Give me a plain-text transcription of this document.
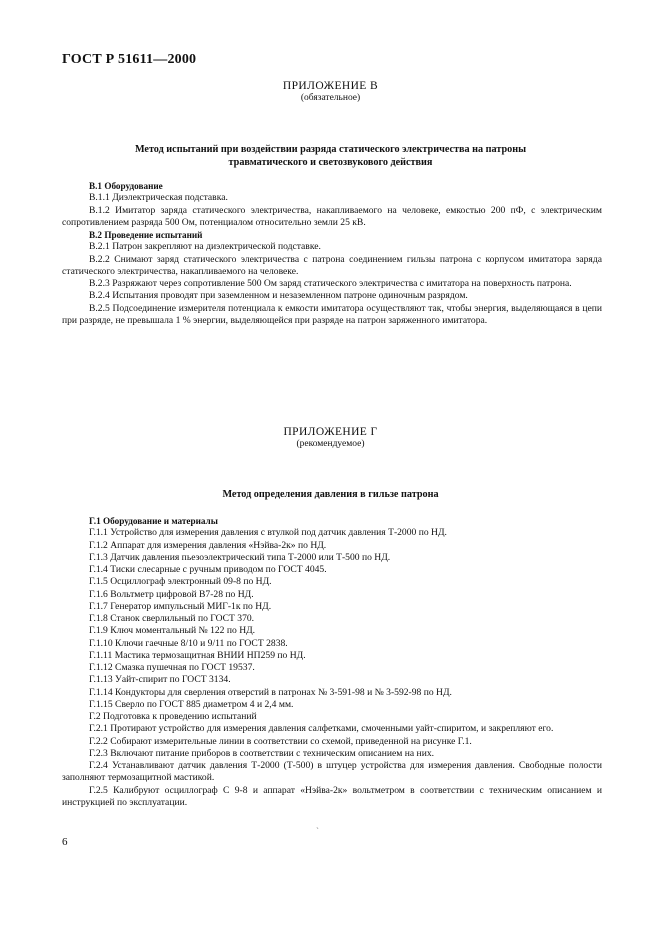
ГОСТ Р 51611—2000
ПРИЛОЖЕНИЕ В
(обязательное)
Метод испытаний при воздействии разряда статического электричества на патроны
травматического и светозвукового действия

В.1 Оборудование

В.1.1 Диэлектрическая подставка.

В.1.2 Имитатор заряда статического электричества, накапливаемого на человеке, емкостью 200 пФ, с электрическим сопротивлением разряда 500 Ом, потенциалом относительно земли 25 кВ.

В.2 Проведение испытаний

В.2.1 Патрон закрепляют на диэлектрической подставке.

В.2.2 Снимают заряд статического электричества с патрона соединением гильзы патрона с корпусом имитатора заряда статического электричества, накапливаемого на человеке.

В.2.3 Разряжают через сопротивление 500 Ом заряд статического электричества с имитатора на поверхность патрона.

В.2.4 Испытания проводят при заземленном и незаземленном патроне одиночным разрядом.

В.2.5 Подсоединение измерителя потенциала к емкости имитатора осуществляют так, чтобы энергия, выделяющаяся в цепи при разряде, не превышала 1 % энергии, выделяющейся при разряде на патрон заряженного имитатора.

ПРИЛОЖЕНИЕ Г
(рекомендуемое)
Метод определения давления в гильзе патрона

Г.1 Оборудование и материалы

Г.1.1 Устройство для измерения давления с втулкой под датчик давления Т-2000 по НД.

Г.1.2 Аппарат для измерения давления «Нэйва-2к» по НД.

Г.1.3 Датчик давления пьезоэлектрический типа Т-2000 или Т-500 по НД.

Г.1.4 Тиски слесарные с ручным приводом по ГОСТ 4045.

Г.1.5 Осциллограф электронный 09-8 по НД.

Г.1.6 Вольтметр цифровой В7-28 по НД.

Г.1.7 Генератор импульсный МИГ-1к по НД.

Г.1.8 Станок сверлильный по ГОСТ 370.

Г.1.9 Ключ моментальный № 122 по НД.

Г.1.10 Ключи гаечные 8/10 и 9/11 по ГОСТ 2838.

Г.1.11 Мастика термозащитная ВНИИ НП259 по НД.

Г.1.12 Смазка пушечная по ГОСТ 19537.

Г.1.13 Уайт-спирит по ГОСТ 3134.

Г.1.14 Кондукторы для сверления отверстий в патронах № 3-591-98 и № 3-592-98 по НД.

Г.1.15 Сверло по ГОСТ 885 диаметром 4 и 2,4 мм.

Г.2 Подготовка к проведению испытаний

Г.2.1 Протирают устройство для измерения давления салфетками, смоченными уайт-спиритом, и закрепляют его.

Г.2.2 Собирают измерительные линии в соответствии со схемой, приведенной на рисунке Г.1.

Г.2.3 Включают питание приборов в соответствии с техническим описанием на них.

Г.2.4 Устанавливают датчик давления Т-2000 (Т-500) в штуцер устройства для измерения давления. Свободные полости заполняют термозащитной мастикой.

Г.2.5 Калибруют осциллограф С 9-8 и аппарат «Нэйва-2к» вольтметром в соответствии с техническим описанием и инструкцией по эксплуатации.

ˎ
6
